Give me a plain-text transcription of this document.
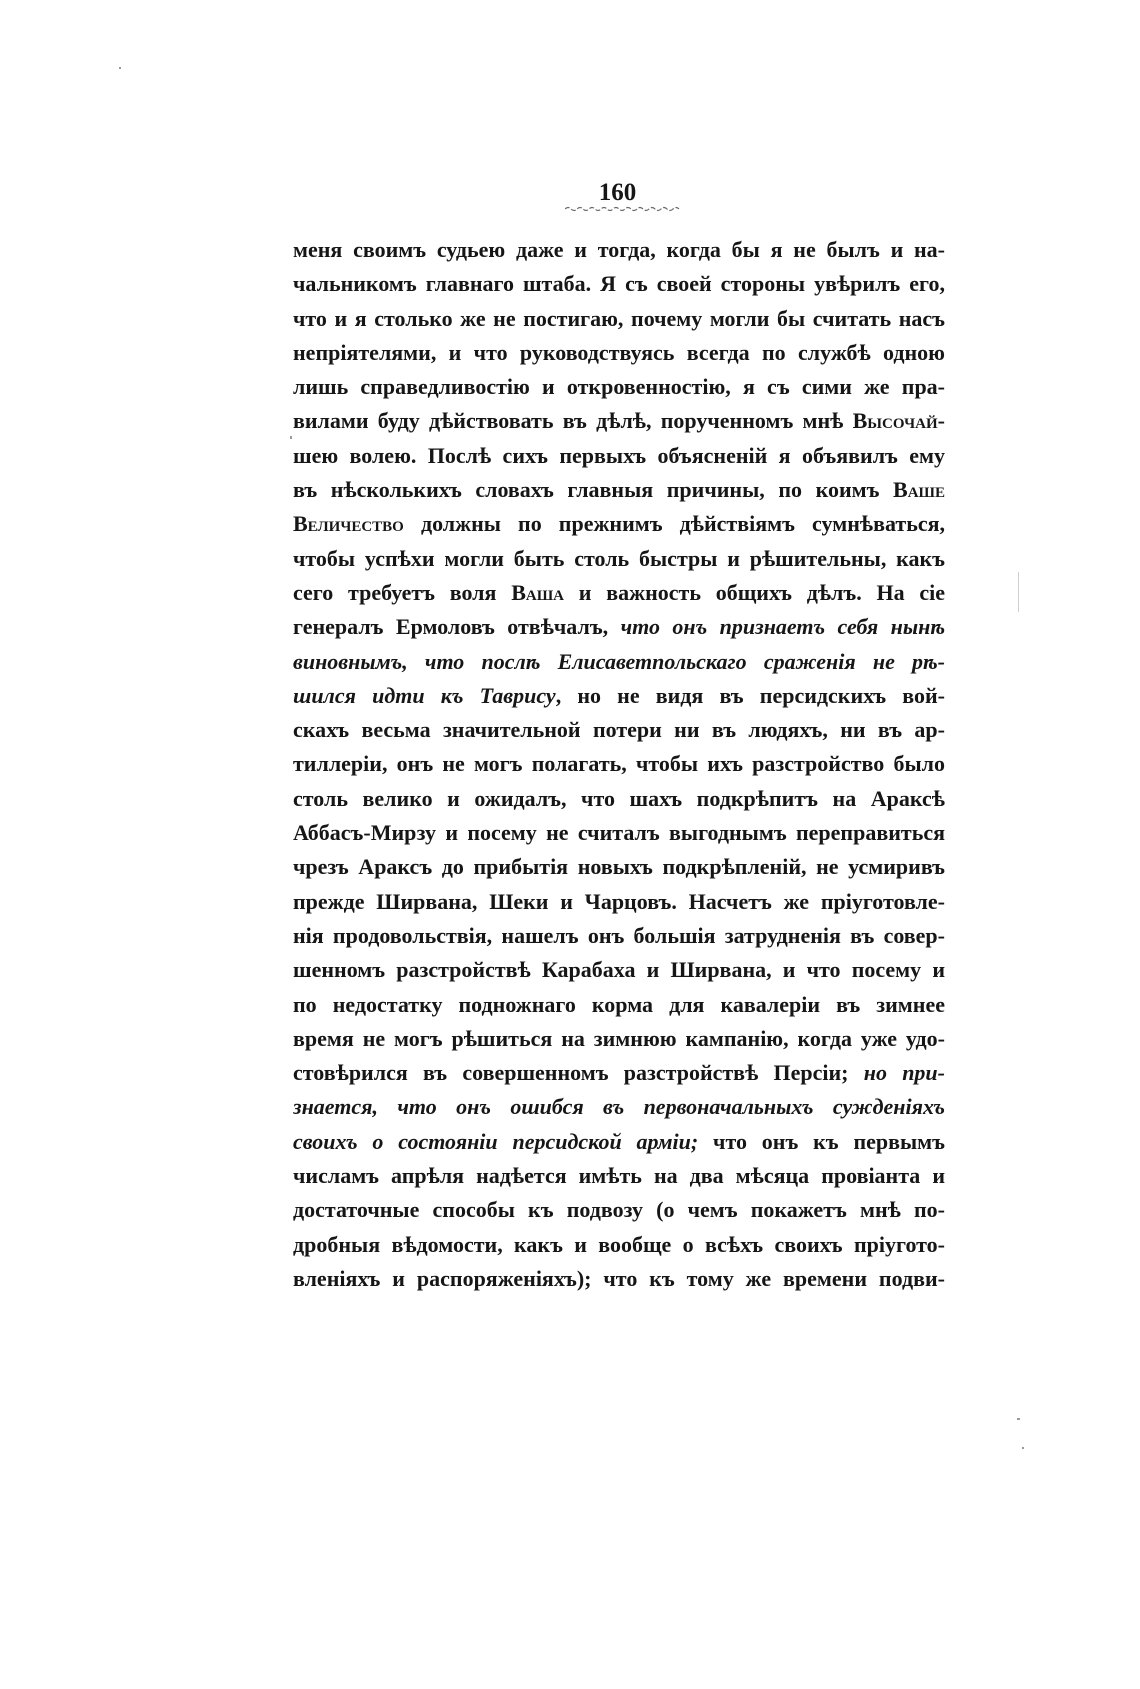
160
меня своимъ судьею даже и тогда, когда бы я не былъ и на-
чальникомъ главнаго штаба. Я съ своей стороны увѣрилъ его,
что и я столько же не постигаю, почему могли бы считать насъ
непріятелями, и что руководствуясь всегда по службѣ одною
лишь справедливостію и откровенностію, я съ сими же пра-
вилами буду дѣйствовать въ дѣлѣ, порученномъ мнѣ Высочай-
шею волею. Послѣ сихъ первыхъ объясненій я объявилъ ему
въ нѣсколькихъ словахъ главныя причины, по коимъ Ваше
Величество должны по прежнимъ дѣйствіямъ сумнѣваться,
чтобы успѣхи могли быть столь быстры и рѣшительны, какъ
сего требуетъ воля Ваша и важность общихъ дѣлъ. На сіе
генералъ Ермоловъ отвѣчалъ, что онъ признаетъ себя нынѣ
виновнымъ, что послѣ Елисаветпольскаго сраженія не рѣ-
шился идти къ Таврису, но не видя въ персидскихъ вой-
скахъ весьма значительной потери ни въ людяхъ, ни въ ар-
тиллеріи, онъ не могъ полагать, чтобы ихъ разстройство было
столь велико и ожидалъ, что шахъ подкрѣпитъ на Араксѣ
Аббасъ-Мирзу и посему не считалъ выгоднымъ переправиться
чрезъ Араксъ до прибытія новыхъ подкрѣпленій, не усмиривъ
прежде Ширвана, Шеки и Чарцовъ. Насчетъ же пріуготовле-
нія продовольствія, нашелъ онъ большія затрудненія въ совер-
шенномъ разстройствѣ Карабаха и Ширвана, и что посему и
по недостатку подножнаго корма для кавалеріи въ зимнее
время не могъ рѣшиться на зимнюю кампанію, когда уже удо-
стовѣрился въ совершенномъ разстройствѣ Персіи; но при-
знается, что онъ ошибся въ первоначальныхъ сужденіяхъ
своихъ о состояніи персидской арміи; что онъ къ первымъ
числамъ апрѣля надѣется имѣть на два мѣсяца провіанта и
достаточные способы къ подвозу (о чемъ покажетъ мнѣ по-
дробныя вѣдомости, какъ и вообще о всѣхъ своихъ пріугото-
вленіяхъ и распоряженіяхъ); что къ тому же времени подви-
